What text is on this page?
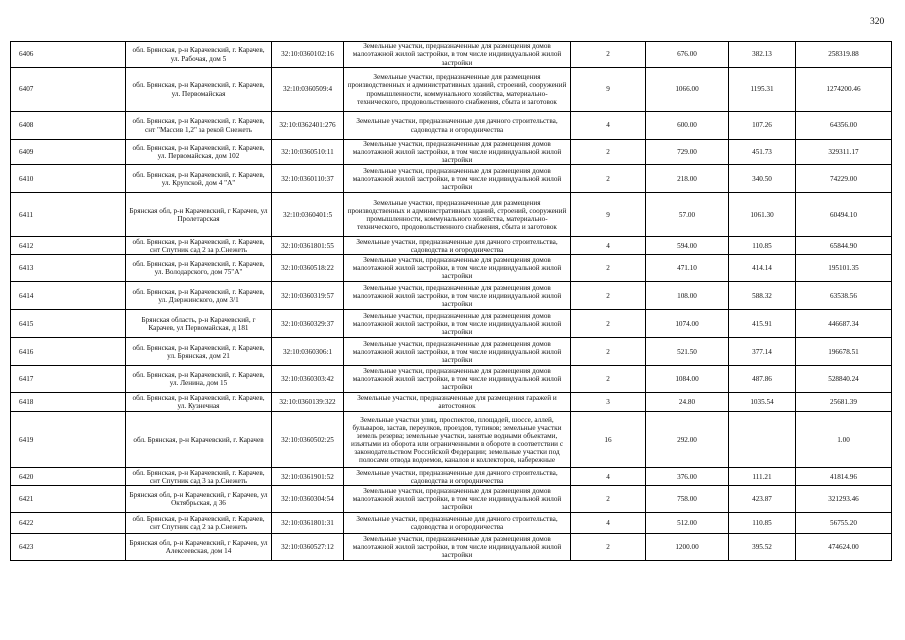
320
6406	обл. Брянская, р-н Карачевский, г. Карачев, ул. Рабочая, дом 5	32:10:0360102:16	Земельные участки, предназначенные для размещения домов малоэтажной жилой застройки, в том числе индивидуальной жилой застройки	2	676.00	382.13	258319.88
6407	обл. Брянская, р-н Карачевский, г. Карачев, ул. Первомайская	32:10:0360509:4	Земельные участки, предназначенные для размещения производственных и административных зданий, строений, сооружений промышленности, коммунального хозяйства, материально-технического, продовольственного снабжения, сбыта и заготовок	9	1066.00	1195.31	1274200.46
6408	обл. Брянская, р-н Карачевский, г. Карачев, снт "Массив 1,2" за рекой Снежеть	32:10:0362401:276	Земельные участки, предназначенные для дачного строительства, садоводства и огородничества	4	600.00	107.26	64356.00
6409	обл. Брянская, р-н Карачевский, г. Карачев, ул. Первомайская, дом 102	32:10:0360510:11	Земельные участки, предназначенные для размещения домов малоэтажной жилой застройки, в том числе индивидуальной жилой застройки	2	729.00	451.73	329311.17
6410	обл. Брянская, р-н Карачевский, г. Карачев, ул. Крупской, дом 4 "А"	32:10:0360110:37	Земельные участки, предназначенные для размещения домов малоэтажной жилой застройки, в том числе индивидуальной жилой застройки	2	218.00	340.50	74229.00
6411	Брянская обл, р-н Карачевский, г Карачев, ул Пролетарская	32:10:0360401:5	Земельные участки, предназначенные для размещения производственных и административных зданий, строений, сооружений промышленности, коммунального хозяйства, материально-технического, продовольственного снабжения, сбыта и заготовок	9	57.00	1061.30	60494.10
6412	обл. Брянская, р-н Карачевский, г. Карачев, снт Спутник сад 2 за р.Снежеть	32:10:0361801:55	Земельные участки, предназначенные для дачного строительства, садоводства и огородничества	4	594.00	110.85	65844.90
6413	обл. Брянская, р-н Карачевский, г. Карачев, ул. Володарского, дом 75"А"	32:10:0360518:22	Земельные участки, предназначенные для размещения домов малоэтажной жилой застройки, в том числе индивидуальной жилой застройки	2	471.10	414.14	195101.35
6414	обл. Брянская, р-н Карачевский, г. Карачев, ул. Дзержинского, дом 3/1	32:10:0360319:57	Земельные участки, предназначенные для размещения домов малоэтажной жилой застройки, в том числе индивидуальной жилой застройки	2	108.00	588.32	63538.56
6415	Брянская область, р-н Карачевский, г Карачев, ул Первомайская, д 181	32:10:0360329:37	Земельные участки, предназначенные для размещения домов малоэтажной жилой застройки, в том числе индивидуальной жилой застройки	2	1074.00	415.91	446687.34
6416	обл. Брянская, р-н Карачевский, г. Карачев, ул. Брянская, дом 21	32:10:0360306:1	Земельные участки, предназначенные для размещения домов малоэтажной жилой застройки, в том числе индивидуальной жилой застройки	2	521.50	377.14	196678.51
6417	обл. Брянская, р-н Карачевский, г. Карачев, ул. Ленина, дом 15	32:10:0360303:42	Земельные участки, предназначенные для размещения домов малоэтажной жилой застройки, в том числе индивидуальной жилой застройки	2	1084.00	487.86	528840.24
6418	обл. Брянская, р-н Карачевский, г. Карачев, ул. Кузнечная	32:10:0360139:322	Земельные участки, предназначенные для размещения гаражей и автостоянок	3	24.80	1035.54	25681.39
6419	обл. Брянская, р-н Карачевский, г. Карачев	32:10:0360502:25	Земельные участки улиц, проспектов, площадей, шоссе, аллей, бульваров, застав, переулков, проездов, тупиков; земельные участки земель резерва; земельные участки, занятые водными объектами, изъятыми из оборота или ограниченными в обороте в соответствии с законодательством Российской Федерации; земельные участки под полосами отвода водоемов, каналов и коллекторов, набережные	16	292.00		1.00
6420	обл. Брянская, р-н Карачевский, г. Карачев, снт Спутник сад 3 за р.Снежеть	32:10:0361901:52	Земельные участки, предназначенные для дачного строительства, садоводства и огородничества	4	376.00	111.21	41814.96
6421	Брянская обл, р-н Карачевский, г Карачев, ул Октябрьская, д 36	32:10:0360304:54	Земельные участки, предназначенные для размещения домов малоэтажной жилой застройки, в том числе индивидуальной жилой застройки	2	758.00	423.87	321293.46
6422	обл. Брянская, р-н Карачевский, г. Карачев, снт Спутник сад 2 за р.Снежеть	32:10:0361801:31	Земельные участки, предназначенные для дачного строительства, садоводства и огородничества	4	512.00	110.85	56755.20
6423	Брянская обл, р-н Карачевский, г Карачев, ул Алексеевская, дом 14	32:10:0360527:12	Земельные участки, предназначенные для размещения домов малоэтажной жилой застройки, в том числе индивидуальной жилой застройки	2	1200.00	395.52	474624.00
